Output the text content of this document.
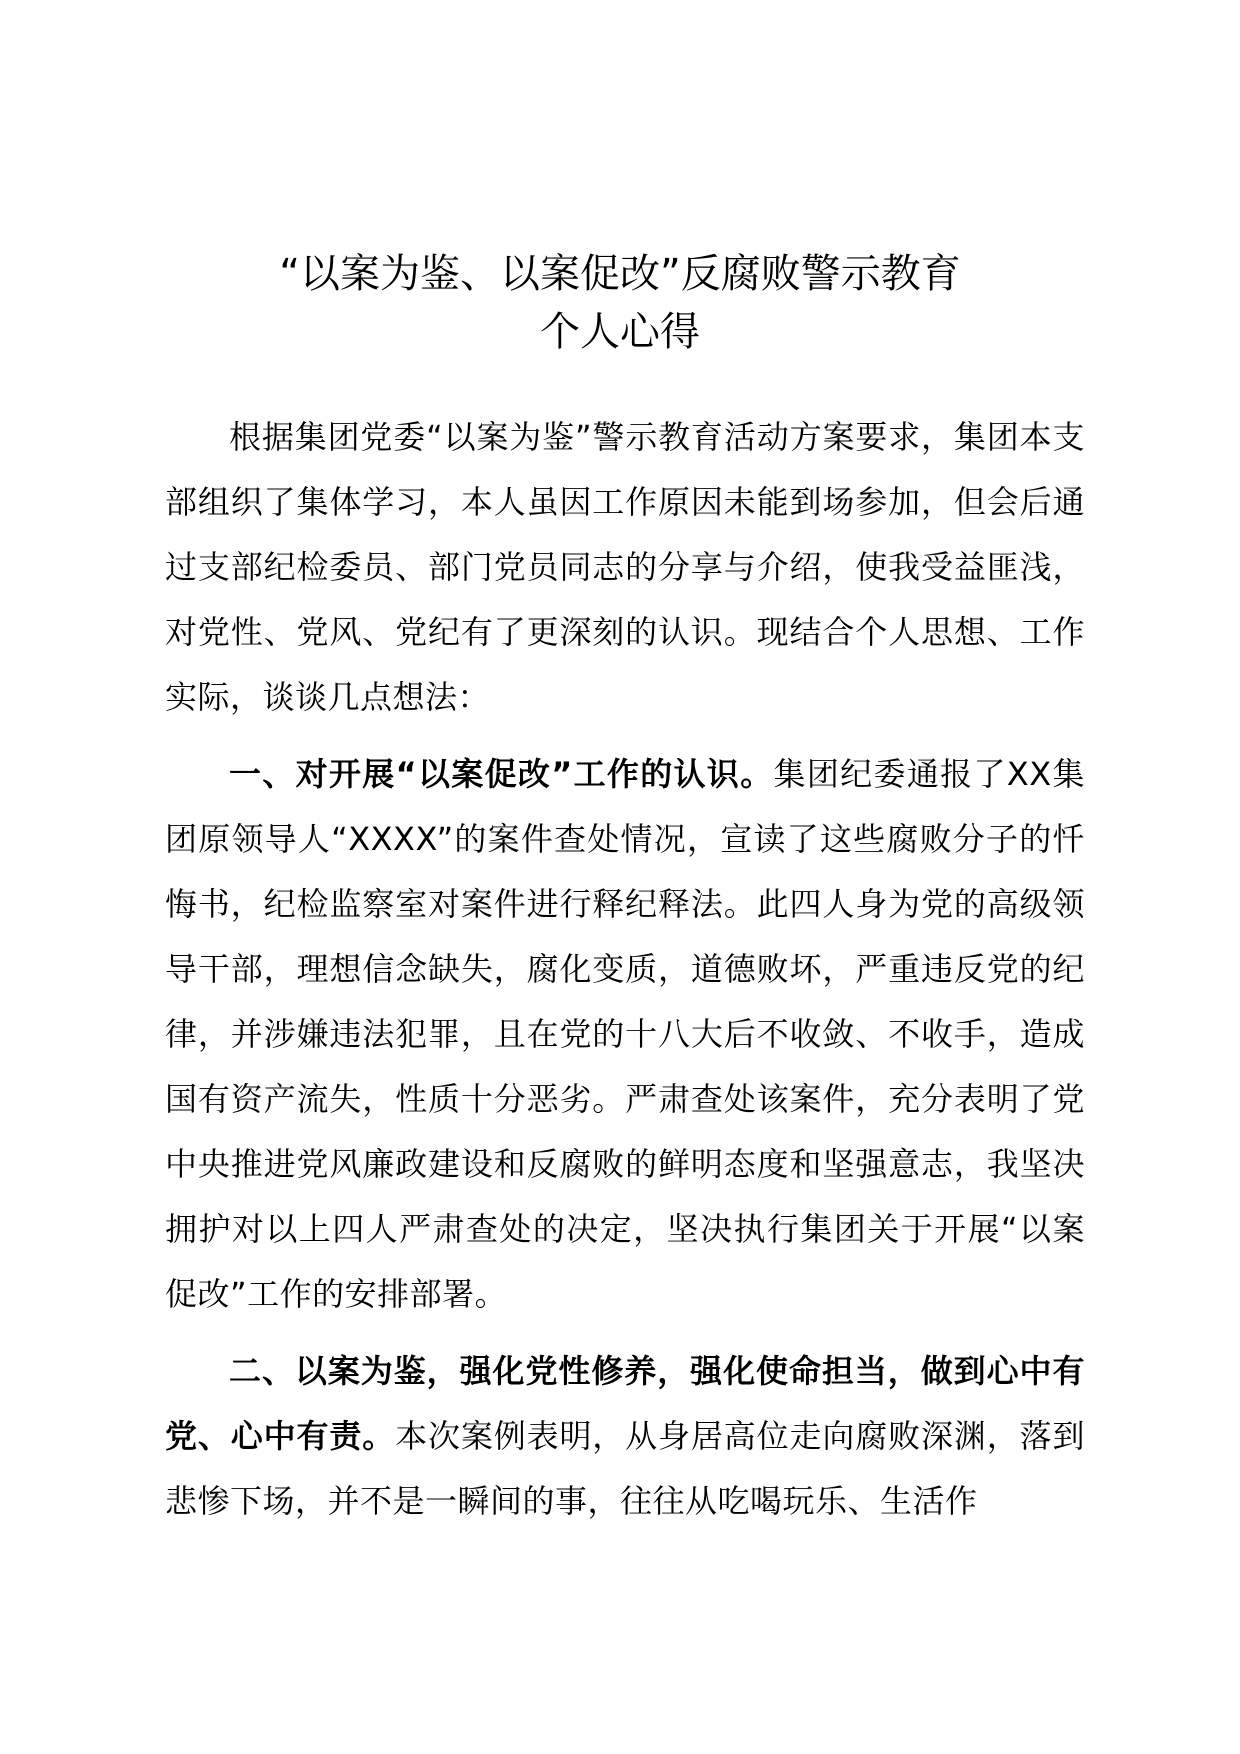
“以案为鉴、以案促改”反腐败警示教育
个人心得

根据集团党委“以案为鉴”警示教育活动方案要求，集团本支部组织了集体学习，本人虽因工作原因未能到场参加，但会后通过支部纪检委员、部门党员同志的分享与介绍，使我受益匪浅，对党性、党风、党纪有了更深刻的认识。现结合个人思想、工作实际，谈谈几点想法：

一、对开展“以案促改”工作的认识。集团纪委通报了XX集团原领导人“XXXX”的案件查处情况，宣读了这些腐败分子的忏悔书，纪检监察室对案件进行释纪释法。此四人身为党的高级领导干部，理想信念缺失，腐化变质，道德败坏，严重违反党的纪律，并涉嫌违法犯罪，且在党的十八大后不收敛、不收手，造成国有资产流失，性质十分恶劣。严肃查处该案件，充分表明了党中央推进党风廉政建设和反腐败的鲜明态度和坚强意志，我坚决拥护对以上四人严肃查处的决定，坚决执行集团关于开展“以案促改”工作的安排部署。

二、以案为鉴，强化党性修养，强化使命担当，做到心中有党、心中有责。本次案例表明，从身居高位走向腐败深渊，落到悲惨下场，并不是一瞬间的事，往往从吃喝玩乐、生活作
